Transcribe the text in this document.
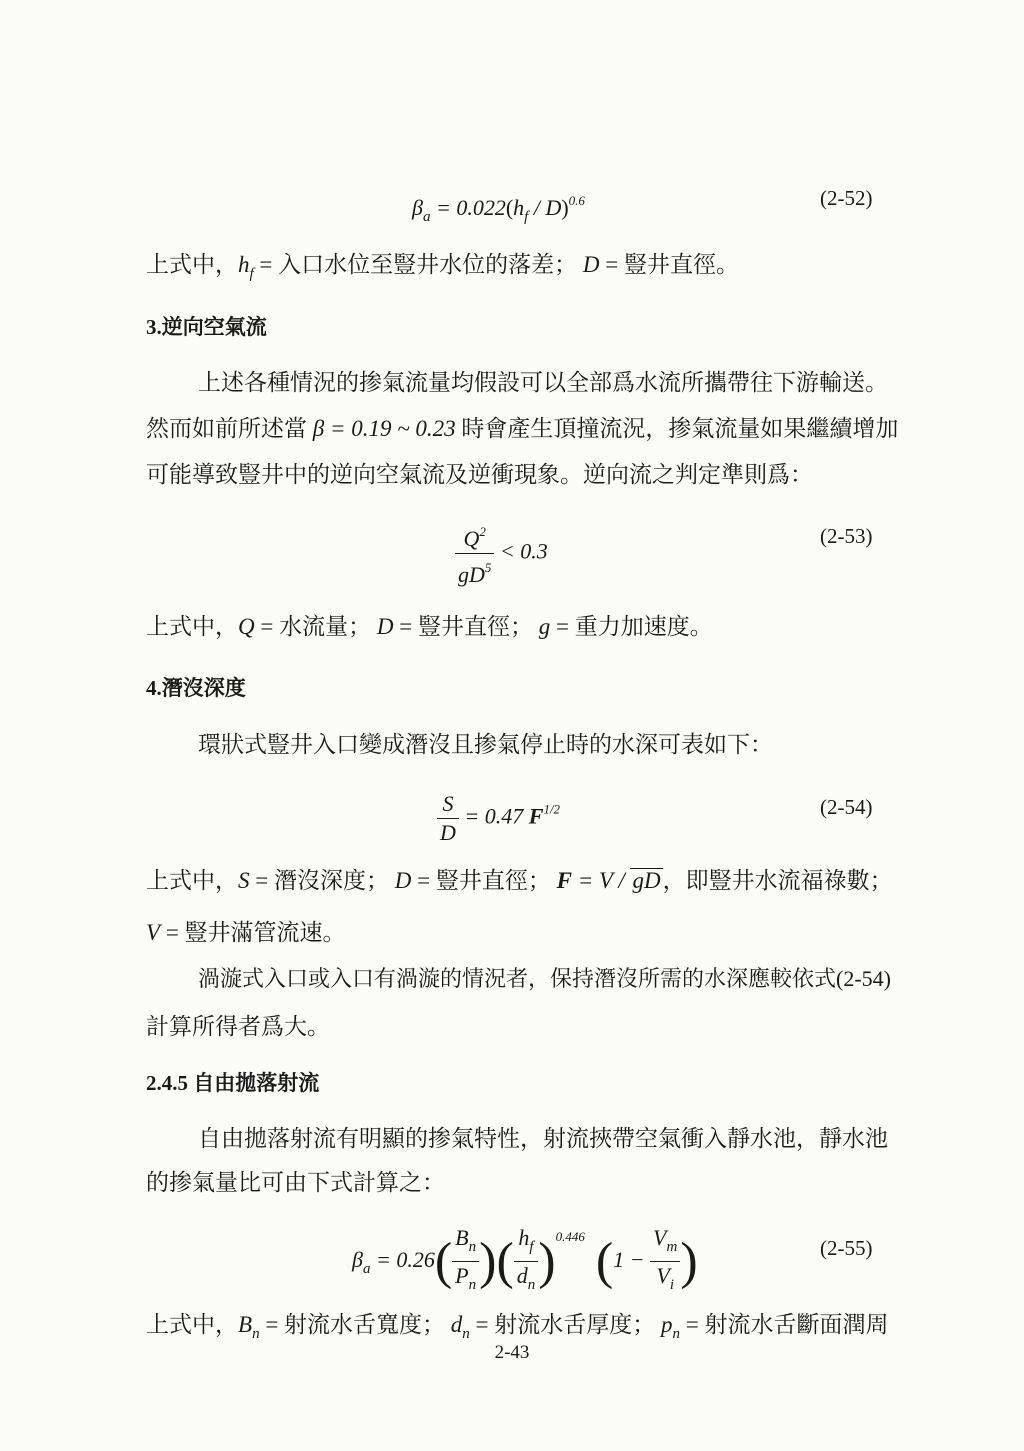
$\beta_a = 0.022(h_f / D)^{0.6}$	(2-52)
上式中，$h_f$ = 入口水位至豎井水位的落差； D = 豎井直徑。
3.逆向空氣流
上述各種情況的掺氣流量均假設可以全部爲水流所攜帶往下游輸送。
然而如前所述當 β = 0.19 ~ 0.23 時會產生頂撞流況，掺氣流量如果繼續增加
可能導致豎井中的逆向空氣流及逆衝現象。逆向流之判定準則爲：
$\frac{Q^2}{gD^5} < 0.3$
(2-53)
上式中，Q = 水流量； D = 豎井直徑； g = 重力加速度。
4.潛沒深度
環狀式豎井入口變成潛沒且掺氣停止時的水深可表如下：
$\frac{S}{D} = 0.47$ $F^{1/2}$	(2-54)
上式中，S = 潛沒深度； D = 豎井直徑； F = V / gD，即豎井水流福祿數；
V = 豎井滿管流速。
渦漩式入口或入口有渦漩的情況者，保持潛沒所需的水深應較依式(2-54)
計算所得者爲大。
2.4.5 自由拋落射流
自由拋落射流有明顯的掺氣特性，射流挾帶空氣衝入靜水池，靜水池
的掺氣量比可由下式計算之：
$\beta_a = 0.26( \frac{B_n}{P_n}$ )( $\frac{h_f}{d_n} )^{0.446}$ ($1 - \frac{V_m}{V_i}$ )	(2-55)
上式中，$B_n$ = 射流水舌寬度； $d_n$ = 射流水舌厚度； $p_n$ = 射流水舌斷面潤周
2-43
